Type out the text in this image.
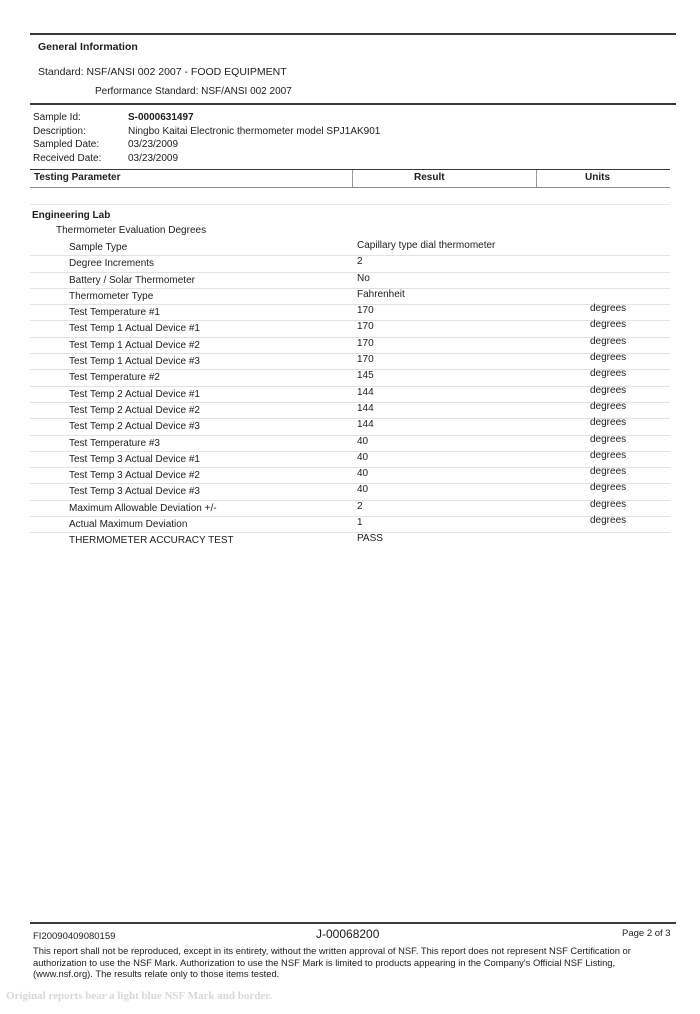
General Information
Standard: NSF/ANSI 002 2007 - FOOD EQUIPMENT
Performance Standard: NSF/ANSI 002 2007
Sample Id:	S-0000631497
Description:	Ningbo Kaitai Electronic thermometer model SPJ1AK901
Sampled Date:	03/23/2009
Received Date:	03/23/2009
Testing Parameter	Result	Units
Engineering Lab
Thermometer Evaluation Degrees
Sample Type	Capillary type dial thermometer
Degree Increments	2
Battery / Solar Thermometer	No
Thermometer Type	Fahrenheit
Test Temperature #1	170	degrees
Test Temp 1 Actual Device #1	170	degrees
Test Temp 1 Actual Device #2	170	degrees
Test Temp 1 Actual Device #3	170	degrees
Test Temperature #2	145	degrees
Test Temp 2 Actual Device #1	144	degrees
Test Temp 2 Actual Device #2	144	degrees
Test Temp 2 Actual Device #3	144	degrees
Test Temperature #3	40	degrees
Test Temp 3 Actual Device #1	40	degrees
Test Temp 3 Actual Device #2	40	degrees
Test Temp 3 Actual Device #3	40	degrees
Maximum Allowable Deviation +/-	2	degrees
Actual Maximum Deviation	1	degrees
THERMOMETER ACCURACY TEST	PASS
FI20090409080159	J-00068200	Page 2 of 3
This report shall not be reproduced, except in its entirety, without the written approval of NSF. This report does not represent NSF Certification or authorization to use the NSF Mark. Authorization to use the NSF Mark is limited to products appearing in the Company's Official NSF Listing, (www.nsf.org). The results relate only to those items tested.
Original reports bear a light blue NSF Mark and border.
